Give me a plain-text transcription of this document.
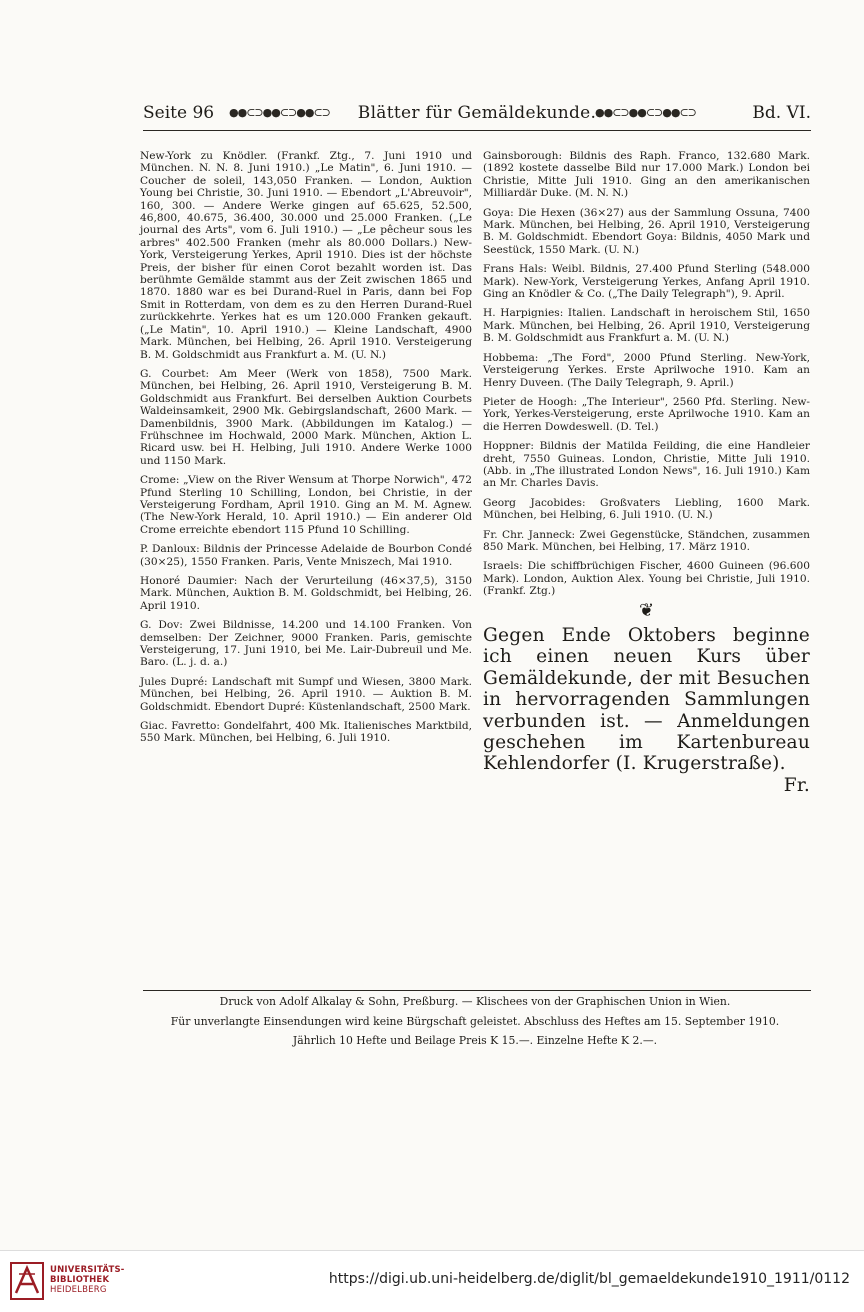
Seite 96 ●●⊂⊃●●⊂⊃●●⊂⊃	Blätter für Gemäldekunde.
●●⊂⊃●●⊂⊃●●⊂⊃	Bd. VI.

New-York zu Knödler. (Frankf. Ztg., 7. Juni 1910 und München. N. N. 8. Juni 1910.) „Le Matin", 6. Juni 1910. — Coucher de soleil, 143,050 Franken. — London, Auktion Young bei Christie, 30. Juni 1910. — Ebendort „L'Abreuvoir", 160, 300. — Andere Werke gingen auf 65.625, 52.500, 46,800, 40.675, 36.400, 30.000 und 25.000 Franken. („Le journal des Arts", vom 6. Juli 1910.) — „Le pêcheur sous les arbres" 402.500 Franken (mehr als 80.000 Dollars.) New-York, Versteigerung Yerkes, April 1910. Dies ist der höchste Preis, der bisher für einen Corot bezahlt worden ist. Das berühmte Gemälde stammt aus der Zeit zwischen 1865 und 1870. 1880 war es bei Durand-Ruel in Paris, dann bei Fop Smit in Rotterdam, von dem es zu den Herren Durand-Ruel zurückkehrte. Yerkes hat es um 120.000 Franken gekauft. („Le Matin", 10. April 1910.) — Kleine Landschaft, 4900 Mark. München, bei Helbing, 26. April 1910. Versteigerung B. M. Goldschmidt aus Frankfurt a. M. (U. N.)

G. Courbet: Am Meer (Werk von 1858), 7500 Mark. München, bei Helbing, 26. April 1910, Versteigerung B. M. Goldschmidt aus Frankfurt. Bei derselben Auktion Courbets Waldeinsamkeit, 2900 Mk. Gebirgslandschaft, 2600 Mark. — Damenbildnis, 3900 Mark. (Abbildungen im Katalog.) — Frühschnee im Hochwald, 2000 Mark. München, Aktion L. Ricard usw. bei H. Helbing, Juli 1910. Andere Werke 1000 und 1150 Mark.

Crome: „View on the River Wensum at Thorpe Norwich", 472 Pfund Sterling 10 Schilling, London, bei Christie, in der Versteigerung Fordham, April 1910. Ging an M. M. Agnew. (The New-York Herald, 10. April 1910.) — Ein anderer Old Crome erreichte ebendort 115 Pfund 10 Schilling.

P. Danloux: Bildnis der Princesse Adelaide de Bourbon Condé (30×25), 1550 Franken. Paris, Vente Mniszech, Mai 1910.

Honoré Daumier: Nach der Verurteilung (46×37,5), 3150 Mark. München, Auktion B. M. Goldschmidt, bei Helbing, 26. April 1910.

G. Dov: Zwei Bildnisse, 14.200 und 14.100 Franken. Von demselben: Der Zeichner, 9000 Franken. Paris, gemischte Versteigerung, 17. Juni 1910, bei Me. Lair-Dubreuil und Me. Baro. (L. j. d. a.)

Jules Dupré: Landschaft mit Sumpf und Wiesen, 3800 Mark. München, bei Helbing, 26. April 1910. — Auktion B. M. Goldschmidt. Ebendort Dupré: Küstenlandschaft, 2500 Mark.

Giac. Favretto: Gondelfahrt, 400 Mk. Italienisches Marktbild, 550 Mark. München, bei Helbing, 6. Juli 1910.

Gainsborough: Bildnis des Raph. Franco, 132.680 Mark. (1892 kostete dasselbe Bild nur 17.000 Mark.) London bei Christie, Mitte Juli 1910. Ging an den amerikanischen Milliardär Duke. (M. N. N.)

Goya: Die Hexen (36×27) aus der Sammlung Ossuna, 7400 Mark. München, bei Helbing, 26. April 1910, Versteigerung B. M. Goldschmidt. Ebendort Goya: Bildnis, 4050 Mark und Seestück, 1550 Mark. (U. N.)

Frans Hals: Weibl. Bildnis, 27.400 Pfund Sterling (548.000 Mark). New-York, Versteigerung Yerkes, Anfang April 1910. Ging an Knödler & Co. („The Daily Telegraph"), 9. April.

H. Harpignies: Italien. Landschaft in heroischem Stil, 1650 Mark. München, bei Helbing, 26. April 1910, Versteigerung B. M. Goldschmidt aus Frankfurt a. M. (U. N.)

Hobbema: „The Ford", 2000 Pfund Sterling. New-York, Versteigerung Yerkes. Erste Aprilwoche 1910. Kam an Henry Duveen. (The Daily Telegraph, 9. April.)

Pieter de Hoogh: „The Interieur", 2560 Pfd. Sterling. New-York, Yerkes-Versteigerung, erste Aprilwoche 1910. Kam an die Herren Dowdeswell. (D. Tel.)

Hoppner: Bildnis der Matilda Feilding, die eine Handleier dreht, 7550 Guineas. London, Christie, Mitte Juli 1910. (Abb. in „The illustrated London News", 16. Juli 1910.) Kam an Mr. Charles Davis.

Georg Jacobides: Großvaters Liebling, 1600 Mark. München, bei Helbing, 6. Juli 1910. (U. N.)

Fr. Chr. Janneck: Zwei Gegenstücke, Ständchen, zusammen 850 Mark. München, bei Helbing, 17. März 1910.

Israels: Die schiffbrüchigen Fischer, 4600 Guineen (96.600 Mark). London, Auktion Alex. Young bei Christie, Juli 1910. (Frankf. Ztg.)

❦
Gegen Ende Oktobers beginne ich einen neuen Kurs über Gemäldekunde, der mit Besuchen in hervorragenden Sammlungen verbunden ist. — Anmeldungen geschehen im Kartenbureau Kehlendorfer (I. Krugerstraße).
Fr.
Druck von Adolf Alkalay & Sohn, Preßburg. — Klischees von der Graphischen Union in Wien.
Für unverlangte Einsendungen wird keine Bürgschaft geleistet. Abschluss des Heftes am 15. September 1910.
Jährlich 10 Hefte und Beilage Preis K 15.—. Einzelne Hefte K 2.—.
UNIVERSITÄTS-
BIBLIOTHEK
HEIDELBERG
https://digi.ub.uni-heidelberg.de/diglit/bl_gemaeldekunde1910_1911/0112
